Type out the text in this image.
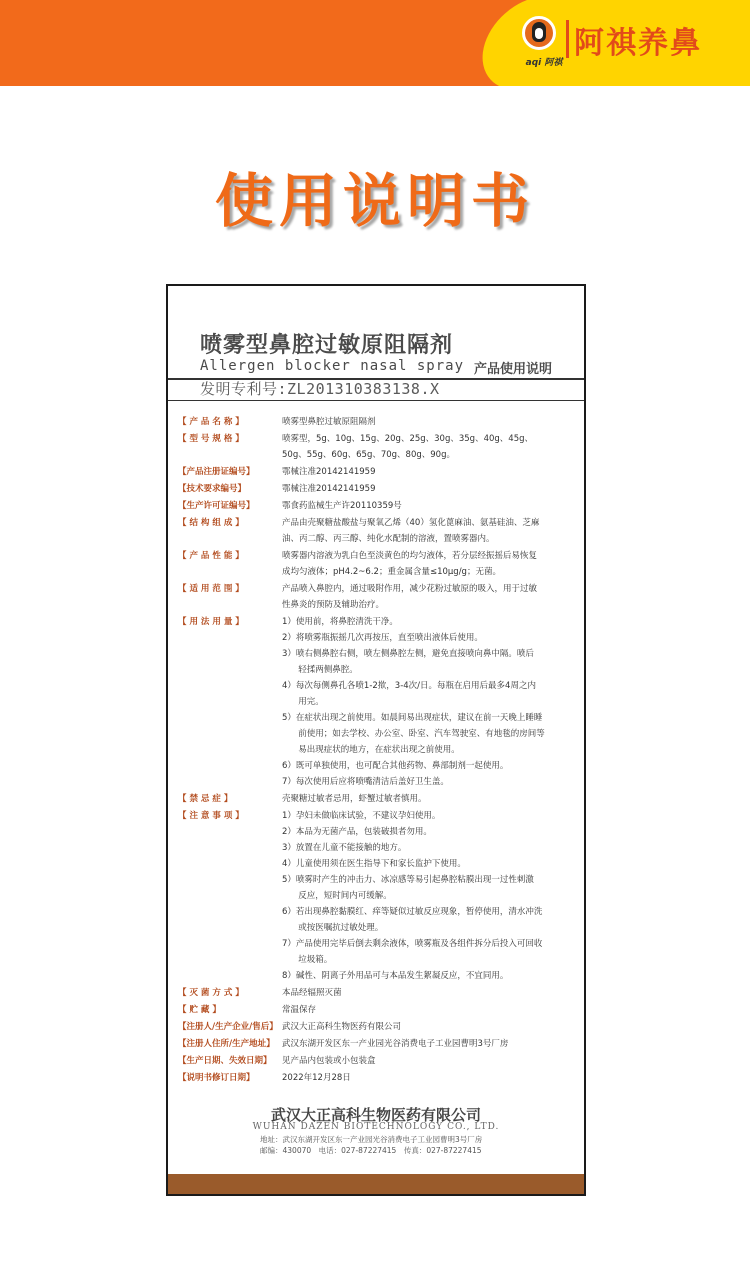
aqi 阿祺
阿祺养鼻
使用说明书
喷雾型鼻腔过敏原阻隔剂
Allergen blocker nasal spray 产品使用说明
发明专利号:ZL201310383138.X
【 产 品 名 称 】	喷雾型鼻腔过敏原阻隔剂
【 型 号 规 格 】	喷雾型，5g、10g、15g、20g、25g、30g、35g、40g、45g、
50g、55g、60g、65g、70g、80g、90g。
【产品注册证编号】	鄂械注准20142141959
【技术要求编号】	鄂械注准20142141959
【生产许可证编号】	鄂食药监械生产许20110359号
【 结 构 组 成 】	产品由壳聚糖盐酸盐与聚氧乙烯（40）氢化蓖麻油、氨基硅油、芝麻
油、丙二醇、丙三醇、纯化水配制的溶液，置喷雾器内。
【 产 品 性 能 】	喷雾器内溶液为乳白色至淡黄色的均匀液体，若分层经振摇后易恢复
成均匀液体；pH4.2~6.2；重金属含量≤10μg/g；无菌。
【 适 用 范 围 】	产品喷入鼻腔内，通过吸附作用，减少花粉过敏原的吸入，用于过敏
性鼻炎的预防及辅助治疗。
【 用 法 用 量 】	1）使用前，将鼻腔清洗干净。
2）将喷雾瓶振摇几次再按压，直至喷出液体后使用。
3）喷右侧鼻腔右侧，喷左侧鼻腔左侧，避免直接喷向鼻中隔。喷后
轻揉两侧鼻腔。
4）每次每侧鼻孔各喷1-2揿，3-4次/日。每瓶在启用后最多4周之内
用完。
5）在症状出现之前使用。如晨间易出现症状，建议在前一天晚上睡睡
前使用；如去学校、办公室、卧室、汽车驾驶室、有地毯的房间等
易出现症状的地方，在症状出现之前使用。
6）既可单独使用，也可配合其他药物、鼻部制剂一起使用。
7）每次使用后应将喷嘴清洁后盖好卫生盖。
【 禁 忌 症 】	壳聚糖过敏者忌用，虾蟹过敏者慎用。
【 注 意 事 项 】	1）孕妇未做临床试验，不建议孕妇使用。
2）本品为无菌产品，包装破损者勿用。
3）放置在儿童不能接触的地方。
4）儿童使用须在医生指导下和家长监护下使用。
5）喷雾时产生的冲击力、冰凉感等易引起鼻腔粘膜出现一过性刺激
反应，短时间内可缓解。
6）若出现鼻腔黏膜红、痒等疑似过敏反应现象，暂停使用，清水冲洗
或按医嘱抗过敏处理。
7）产品使用完毕后倒去剩余液体，喷雾瓶及各组件拆分后投入可回收
垃圾箱。
8）碱性、阴离子外用品可与本品发生絮凝反应，不宜同用。
【 灭 菌 方 式 】	本品经辐照灭菌
【 贮 藏 】	常温保存
【注册人/生产企业/售后】 武汉大正高科生物医药有限公司
【注册人住所/生产地址】 武汉东湖开发区东一产业园光谷消费电子工业园曹明3号厂房
【生产日期、失效日期】	见产品内包装或小包装盒
【说明书修订日期】	2022年12月28日
武汉大正高科生物医药有限公司
WUHAN DAZEN BIOTECHNOLOGY CO., LTD.
地址：武汉东湖开发区东一产业园光谷消费电子工业园曹明3号厂房
邮编：430070　电话：027-87227415　传真：027-87227415
